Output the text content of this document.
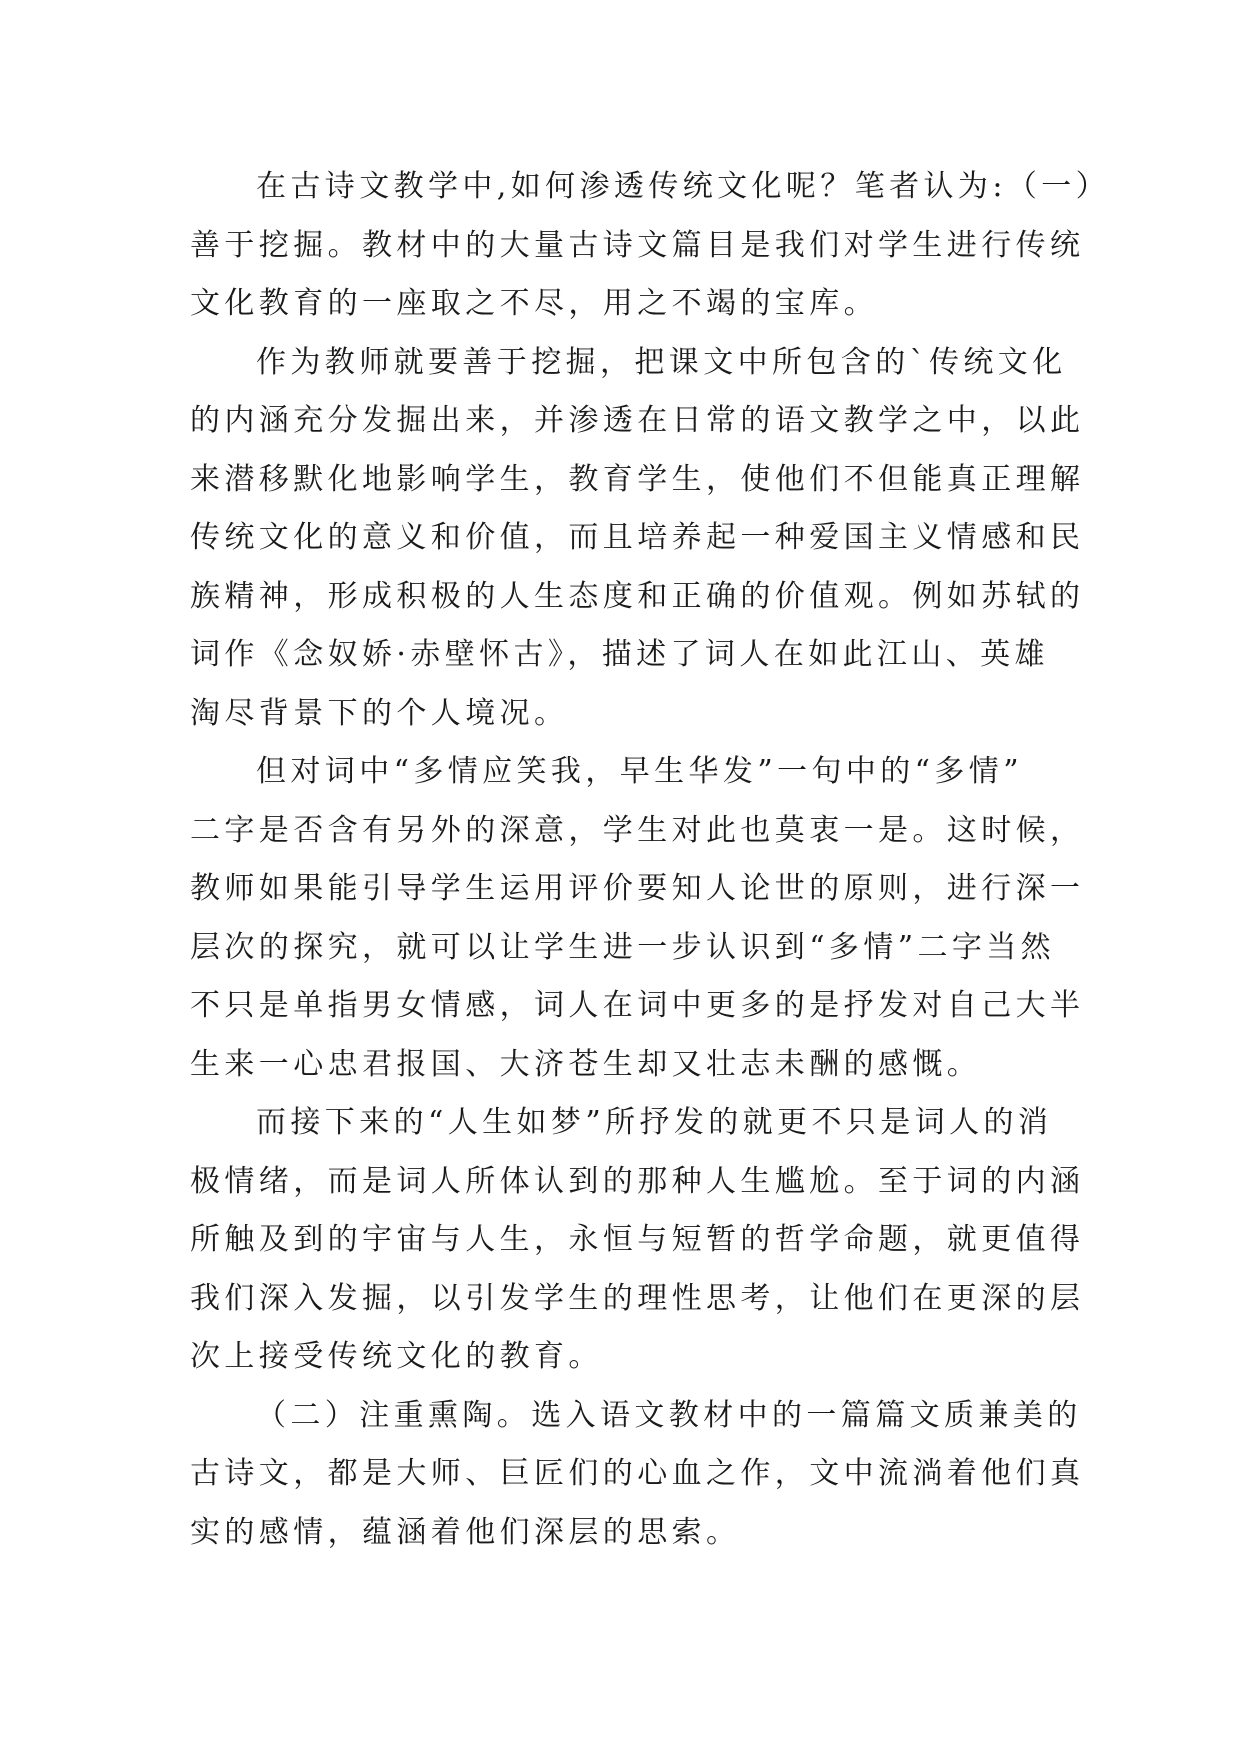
在古诗文教学中,如何渗透传统文化呢？笔者认为:（一）
善于挖掘。教材中的大量古诗文篇目是我们对学生进行传统
文化教育的一座取之不尽，用之不竭的宝库。
作为教师就要善于挖掘，把课文中所包含的`传统文化
的内涵充分发掘出来，并渗透在日常的语文教学之中，以此
来潜移默化地影响学生，教育学生，使他们不但能真正理解
传统文化的意义和价值，而且培养起一种爱国主义情感和民
族精神，形成积极的人生态度和正确的价值观。例如苏轼的
词作《念奴娇·赤壁怀古》，描述了词人在如此江山、英雄
淘尽背景下的个人境况。
但对词中“多情应笑我，早生华发”一句中的“多情”
二字是否含有另外的深意，学生对此也莫衷一是。这时候，
教师如果能引导学生运用评价要知人论世的原则，进行深一
层次的探究，就可以让学生进一步认识到“多情”二字当然
不只是单指男女情感，词人在词中更多的是抒发对自己大半
生来一心忠君报国、大济苍生却又壮志未酬的感慨。
而接下来的“人生如梦”所抒发的就更不只是词人的消
极情绪，而是词人所体认到的那种人生尴尬。至于词的内涵
所触及到的宇宙与人生，永恒与短暂的哲学命题，就更值得
我们深入发掘，以引发学生的理性思考，让他们在更深的层
次上接受传统文化的教育。
（二）注重熏陶。选入语文教材中的一篇篇文质兼美的
古诗文，都是大师、巨匠们的心血之作，文中流淌着他们真
实的感情，蕴涵着他们深层的思索。
